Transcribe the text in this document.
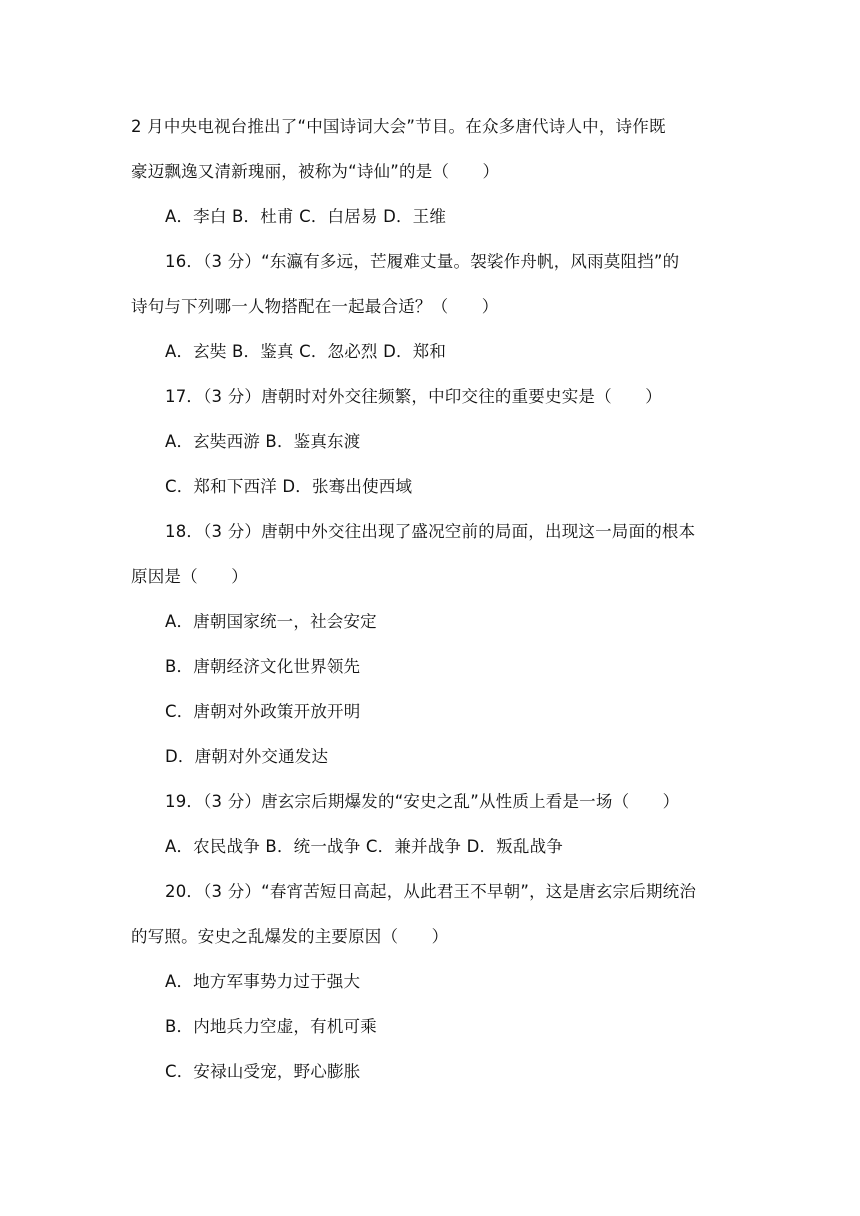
2 月中央电视台推出了“中国诗词大会”节目。在众多唐代诗人中，诗作既
豪迈飘逸又清新瑰丽，被称为“诗仙”的是（　　）
A．李白 B．杜甫 C．白居易 D．王维
16．（3 分）“东瀛有多远，芒履难丈量。袈裟作舟帆，风雨莫阻挡”的
诗句与下列哪一人物搭配在一起最合适？（　　）
A．玄奘 B．鉴真 C．忽必烈 D．郑和
17．（3 分）唐朝时对外交往频繁，中印交往的重要史实是（　　）
A．玄奘西游 B．鉴真东渡
C．郑和下西洋 D．张骞出使西域
18．（3 分）唐朝中外交往出现了盛况空前的局面，出现这一局面的根本
原因是（　　）
A．唐朝国家统一，社会安定
B．唐朝经济文化世界领先
C．唐朝对外政策开放开明
D．唐朝对外交通发达
19．（3 分）唐玄宗后期爆发的“安史之乱”从性质上看是一场（　　）
A．农民战争 B．统一战争 C．兼并战争 D．叛乱战争
20．（3 分）“春宵苦短日高起，从此君王不早朝”，这是唐玄宗后期统治
的写照。安史之乱爆发的主要原因（　　）
A．地方军事势力过于强大
B．内地兵力空虚，有机可乘
C．安禄山受宠，野心膨胀
